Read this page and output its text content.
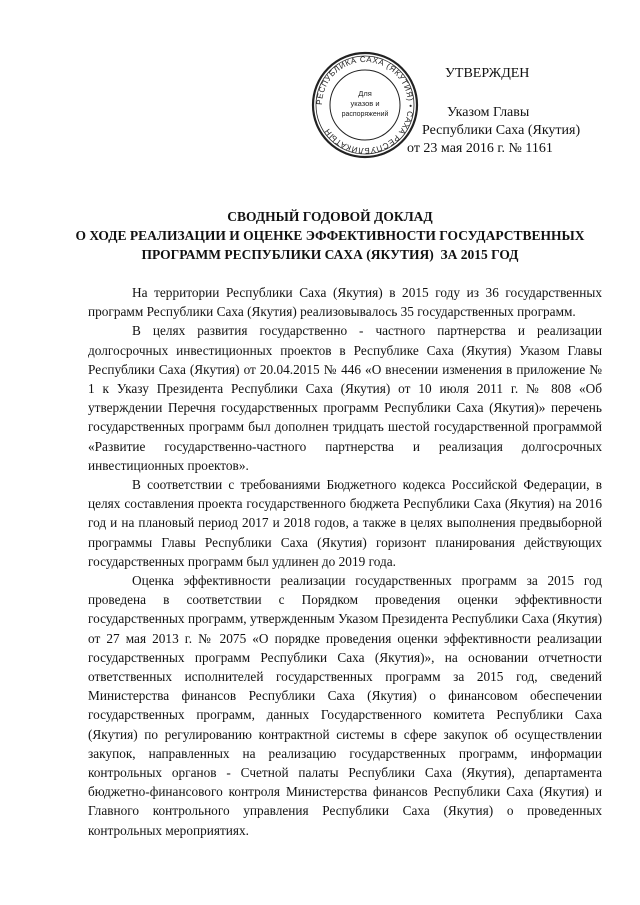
РЕСПУБЛИКА САХА (ЯКУТИЯ) • САХА РЕСПУБЛИКАТЫН
Для
указов и
распоряжений
УТВЕРЖДЕН
Указом Главы
Республики Саха (Якутия)
от 23 мая 2016 г. № 1161
СВОДНЫЙ ГОДОВОЙ ДОКЛАД
О ХОДЕ РЕАЛИЗАЦИИ И ОЦЕНКЕ ЭФФЕКТИВНОСТИ ГОСУДАРСТВЕННЫХ
ПРОГРАММ РЕСПУБЛИКИ САХА (ЯКУТИЯ)  ЗА 2015 ГОД

На территории Республики Саха (Якутия) в 2015 году из 36 государственных программ Республики Саха (Якутия) реализовывалось 35 государственных программ.

В целях развития государственно - частного партнерства и реализации долгосрочных инвестиционных проектов в Республике Саха (Якутия) Указом Главы Республики Саха (Якутия) от 20.04.2015 № 446 «О внесении изменения в приложение № 1 к Указу Президента Республики Саха (Якутия) от 10 июля 2011 г. № 808 «Об утверждении Перечня государственных программ Республики Саха (Якутия)» перечень государственных программ был дополнен тридцать шестой государственной программой «Развитие государственно-частного партнерства и реализация долгосрочных инвестиционных проектов».

В соответствии с требованиями Бюджетного кодекса Российской Федерации, в целях составления проекта государственного бюджета Республики Саха (Якутия) на 2016 год и на плановый период 2017 и 2018 годов, а также в целях выполнения предвыборной программы Главы Республики Саха (Якутия) горизонт планирования действующих государственных программ был удлинен до 2019 года.

Оценка эффективности реализации государственных программ за 2015 год проведена в соответствии с Порядком проведения оценки эффективности государственных программ, утвержденным Указом Президента Республики Саха (Якутия) от 27 мая 2013 г. № 2075 «О порядке проведения оценки эффективности реализации государственных программ Республики Саха (Якутия)», на основании отчетности ответственных исполнителей государственных программ за 2015 год, сведений Министерства финансов Республики Саха (Якутия) о финансовом обеспечении государственных программ, данных Государственного комитета Республики Саха (Якутия) по регулированию контрактной системы в сфере закупок об осуществлении закупок, направленных на реализацию государственных программ, информации контрольных органов - Счетной палаты Республики Саха (Якутия), департамента бюджетно-финансового контроля Министерства финансов Республики Саха (Якутия) и Главного контрольного управления Республики Саха (Якутия) о проведенных контрольных мероприятиях.
